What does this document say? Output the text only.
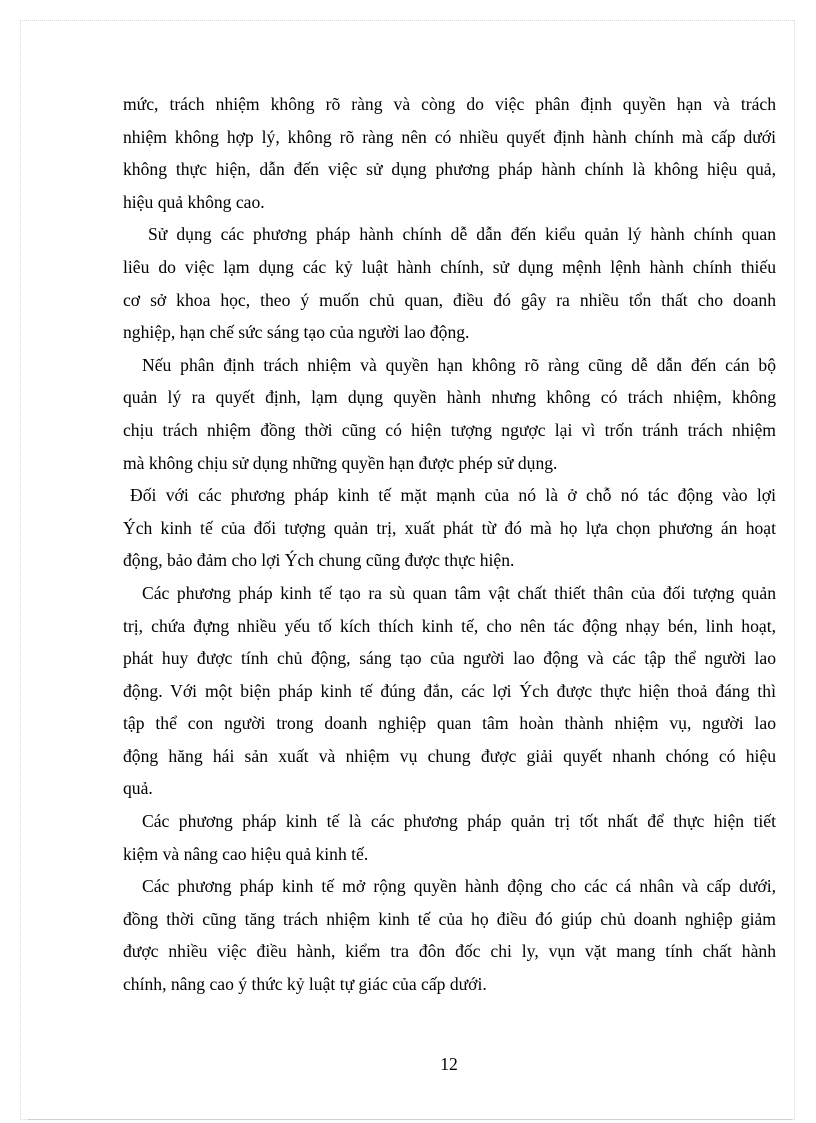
mức, trách nhiệm không rõ ràng và còng do việc phân định quyền hạn và trách
nhiệm không hợp lý, không rõ ràng nên có nhiều quyết định hành chính mà cấp dưới
không thực hiện, dẫn đến việc sử dụng phương pháp hành chính là không hiệu quả,
hiệu quả không cao.
Sử dụng các phương pháp hành chính dễ dẫn đến kiểu quản lý hành chính quan
liêu do việc lạm dụng các kỷ luật hành chính, sử dụng mệnh lệnh hành chính thiếu
cơ sở khoa học, theo ý muốn chủ quan, điều đó gây ra nhiều tổn thất cho doanh
nghiệp, hạn chế sức sáng tạo của người lao động.
Nếu phân định trách nhiệm và quyền hạn không rõ ràng cũng dễ dẫn đến cán bộ
quản lý ra quyết định, lạm dụng quyền hành nhưng không có trách nhiệm, không
chịu trách nhiệm đồng thời cũng có hiện tượng ngược lại vì trốn tránh trách nhiệm
mà không chịu sử dụng những quyền hạn được phép sử dụng.
Đối với các phương pháp kinh tế mặt mạnh của nó là ở chỗ nó tác động vào lợi
Ých kinh tế của đối tượng quản trị, xuất phát từ đó mà họ lựa chọn phương án hoạt
động, bảo đảm cho lợi Ých chung cũng được thực hiện.
Các phương pháp kinh tế tạo ra sù quan tâm vật chất thiết thân của đối tượng quản
trị, chứa đựng nhiều yếu tố kích thích kinh tế, cho nên tác động nhạy bén, linh hoạt,
phát huy được tính chủ động, sáng tạo của người lao động và các tập thể người lao
động. Với một biện pháp kinh tế đúng đắn, các lợi Ých được thực hiện thoả đáng thì
tập thể con người trong doanh nghiệp quan tâm hoàn thành nhiệm vụ, người lao
động hăng hái sản xuất và nhiệm vụ chung được giải quyết nhanh chóng có hiệu
quả.
Các phương pháp kinh tế là các phương pháp quản trị tốt nhất để thực hiện tiết
kiệm và nâng cao hiệu quả kinh tế.
Các phương pháp kinh tế mở rộng quyền hành động cho các cá nhân và cấp dưới,
đồng thời cũng tăng trách nhiệm kinh tế của họ điều đó giúp chủ doanh nghiệp giảm
được nhiều việc điều hành, kiểm tra đôn đốc chi ly, vụn vặt mang tính chất hành
chính, nâng cao ý thức kỷ luật tự giác của cấp dưới.
12
